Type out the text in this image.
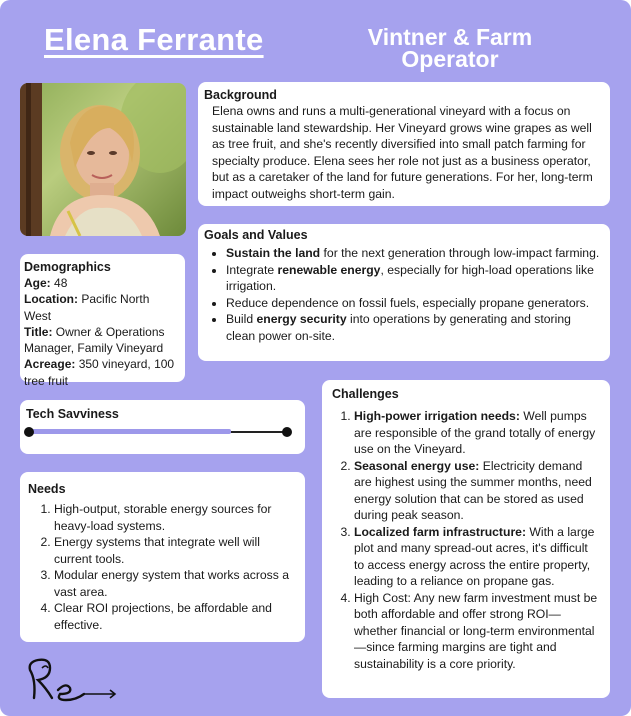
Elena Ferrante	Vintner & Farm Operator
Background

Elena owns and runs a multi-generational vineyard with a focus on sustainable land stewardship. Her Vineyard grows wine grapes as well as tree fruit, and she's recently diversified into small patch farming for specialty produce. Elena sees her role not just as a business operator, but as a caretaker of the land for future generations. For her, long-term impact outweighs short-term gain.

Goals and Values
• Sustain the land for the next generation through low-impact farming.
• Integrate renewable energy, especially for high-load operations like irrigation.
• Reduce dependence on fossil fuels, especially propane generators.
• Build energy security into operations by generating and storing clean power on-site.
Demographics
Age: 48
Location: Pacific North West
Title: Owner & Operations Manager, Family Vineyard
Acreage: 350 vineyard, 100 tree fruit
Tech Savviness
Needs
1. High-output, storable energy sources for heavy-load systems.
2. Energy systems that integrate well will current tools.
3. Modular energy system that works across a vast area.
4. Clear ROI projections, be affordable and effective.
Challenges
1. High-power irrigation needs: Well pumps are responsible of the grand totally of energy use on the Vineyard.
2. Seasonal energy use: Electricity demand are highest using the summer months, need energy solution that can be stored as used during peak season.
3. Localized farm infrastructure: With a large plot and many spread-out acres, it's difficult to access energy across the entire property, leading to a reliance on propane gas.
4. High Cost: Any new farm investment must be both affordable and offer strong ROI—whether financial or long-term environmental—since farming margins are tight and sustainability is a core priority.
